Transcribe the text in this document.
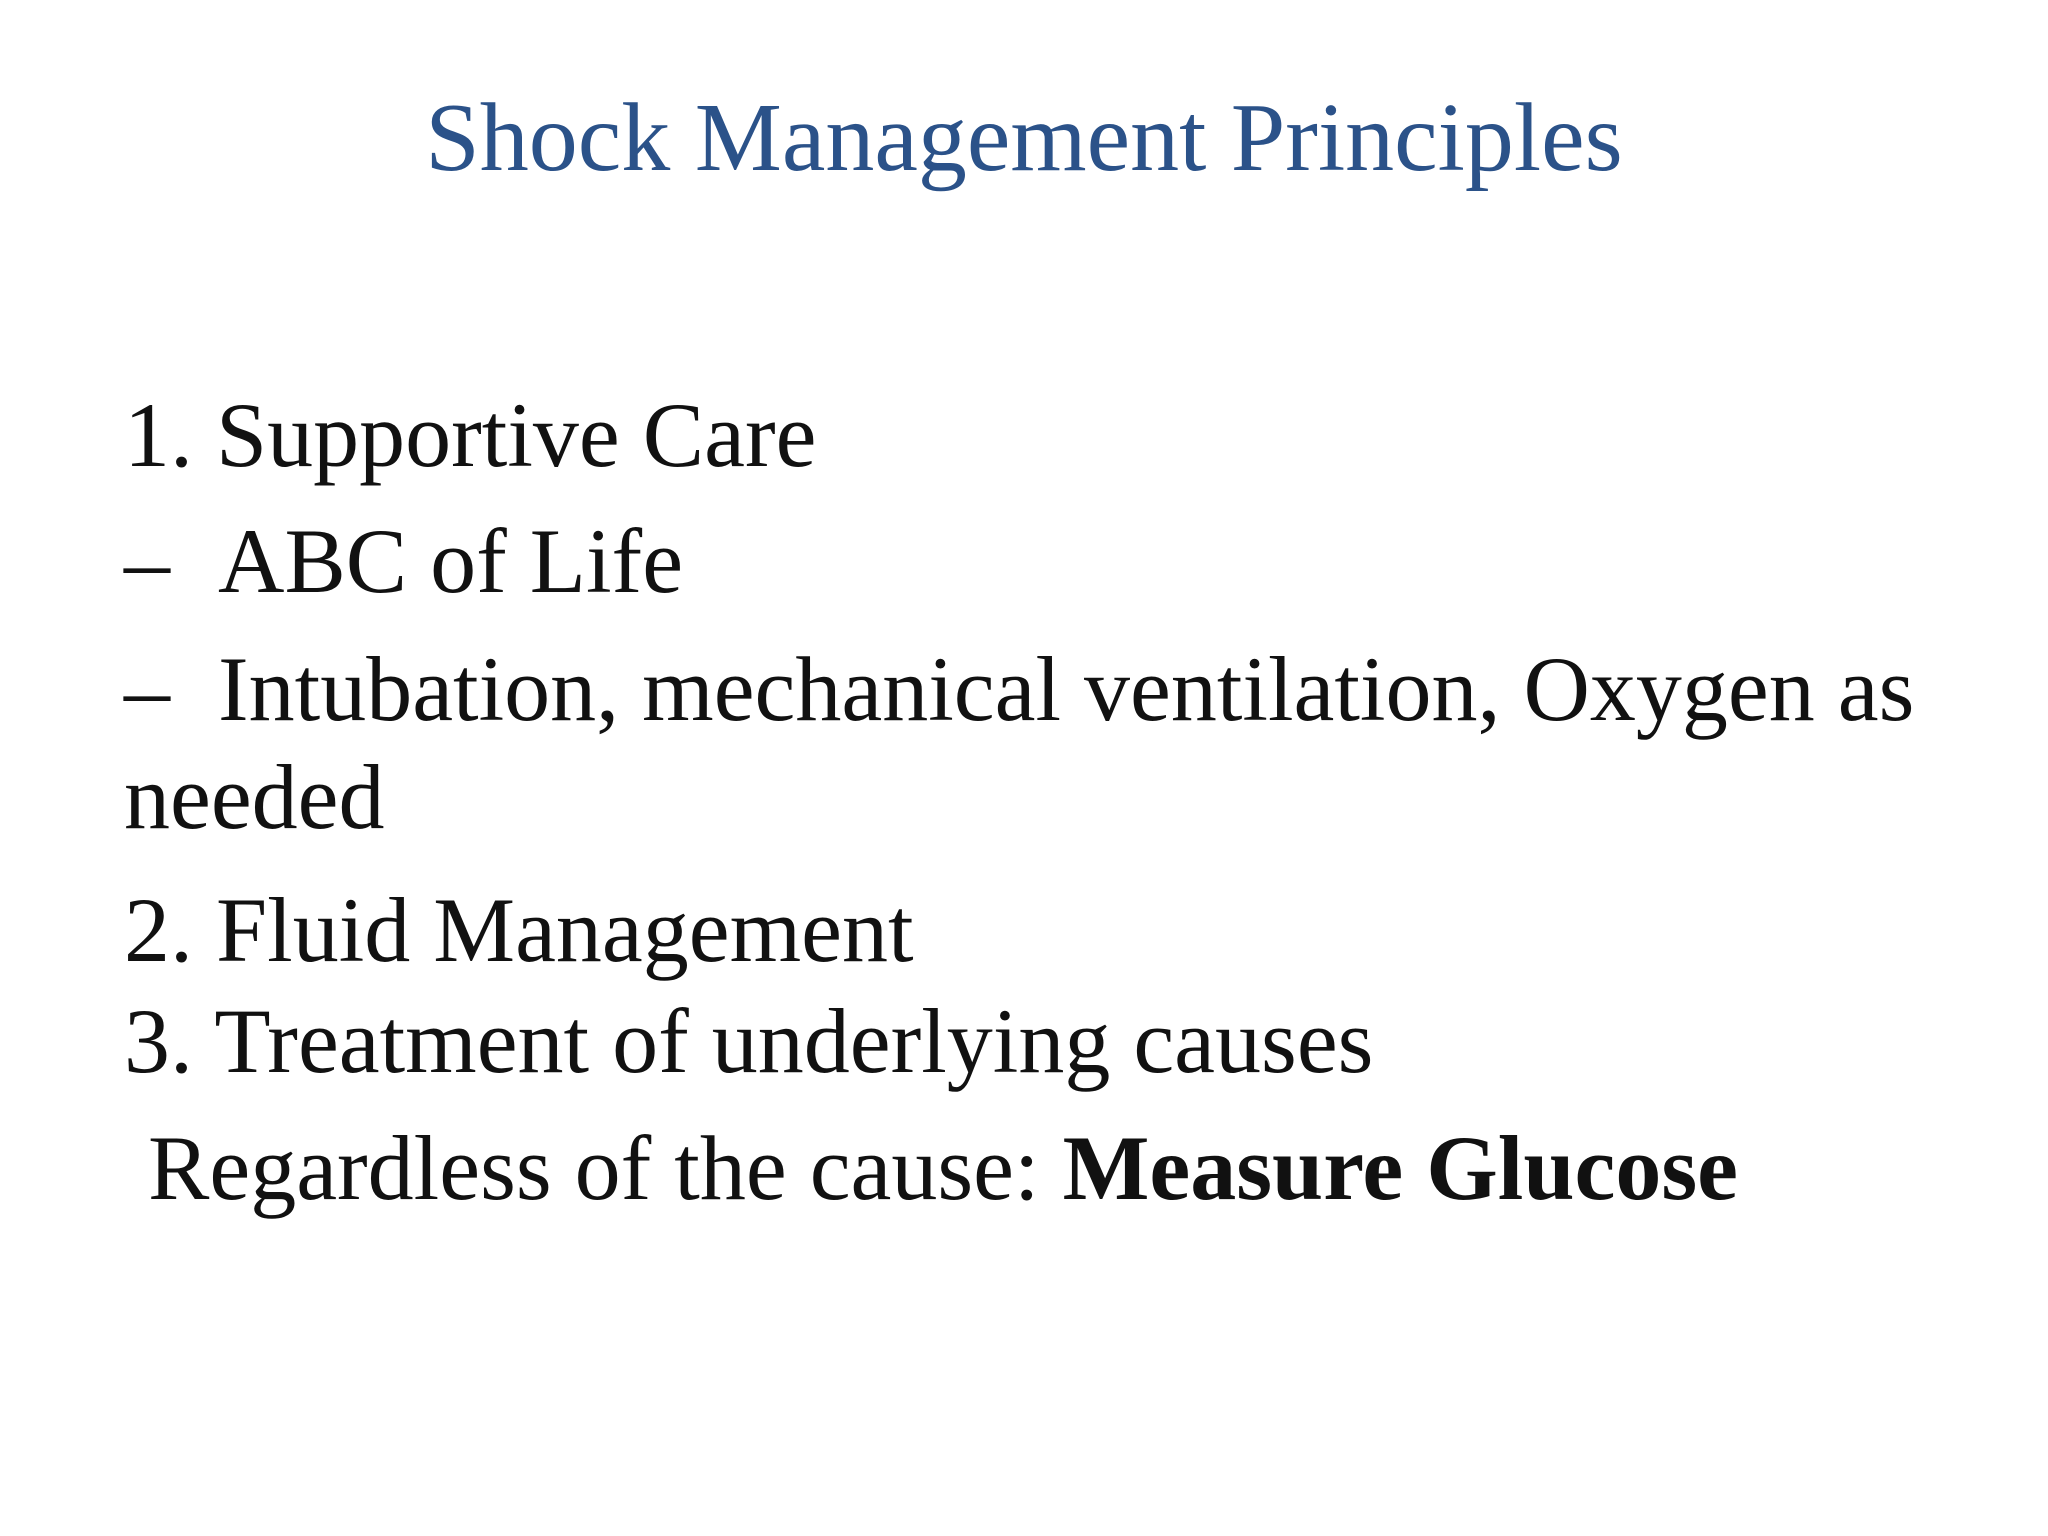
Shock Management Principles
1. Supportive Care
– ABC of Life
– Intubation, mechanical ventilation, Oxygen as
needed
2. Fluid Management
3. Treatment of underlying causes
Regardless of the cause: Measure Glucose
